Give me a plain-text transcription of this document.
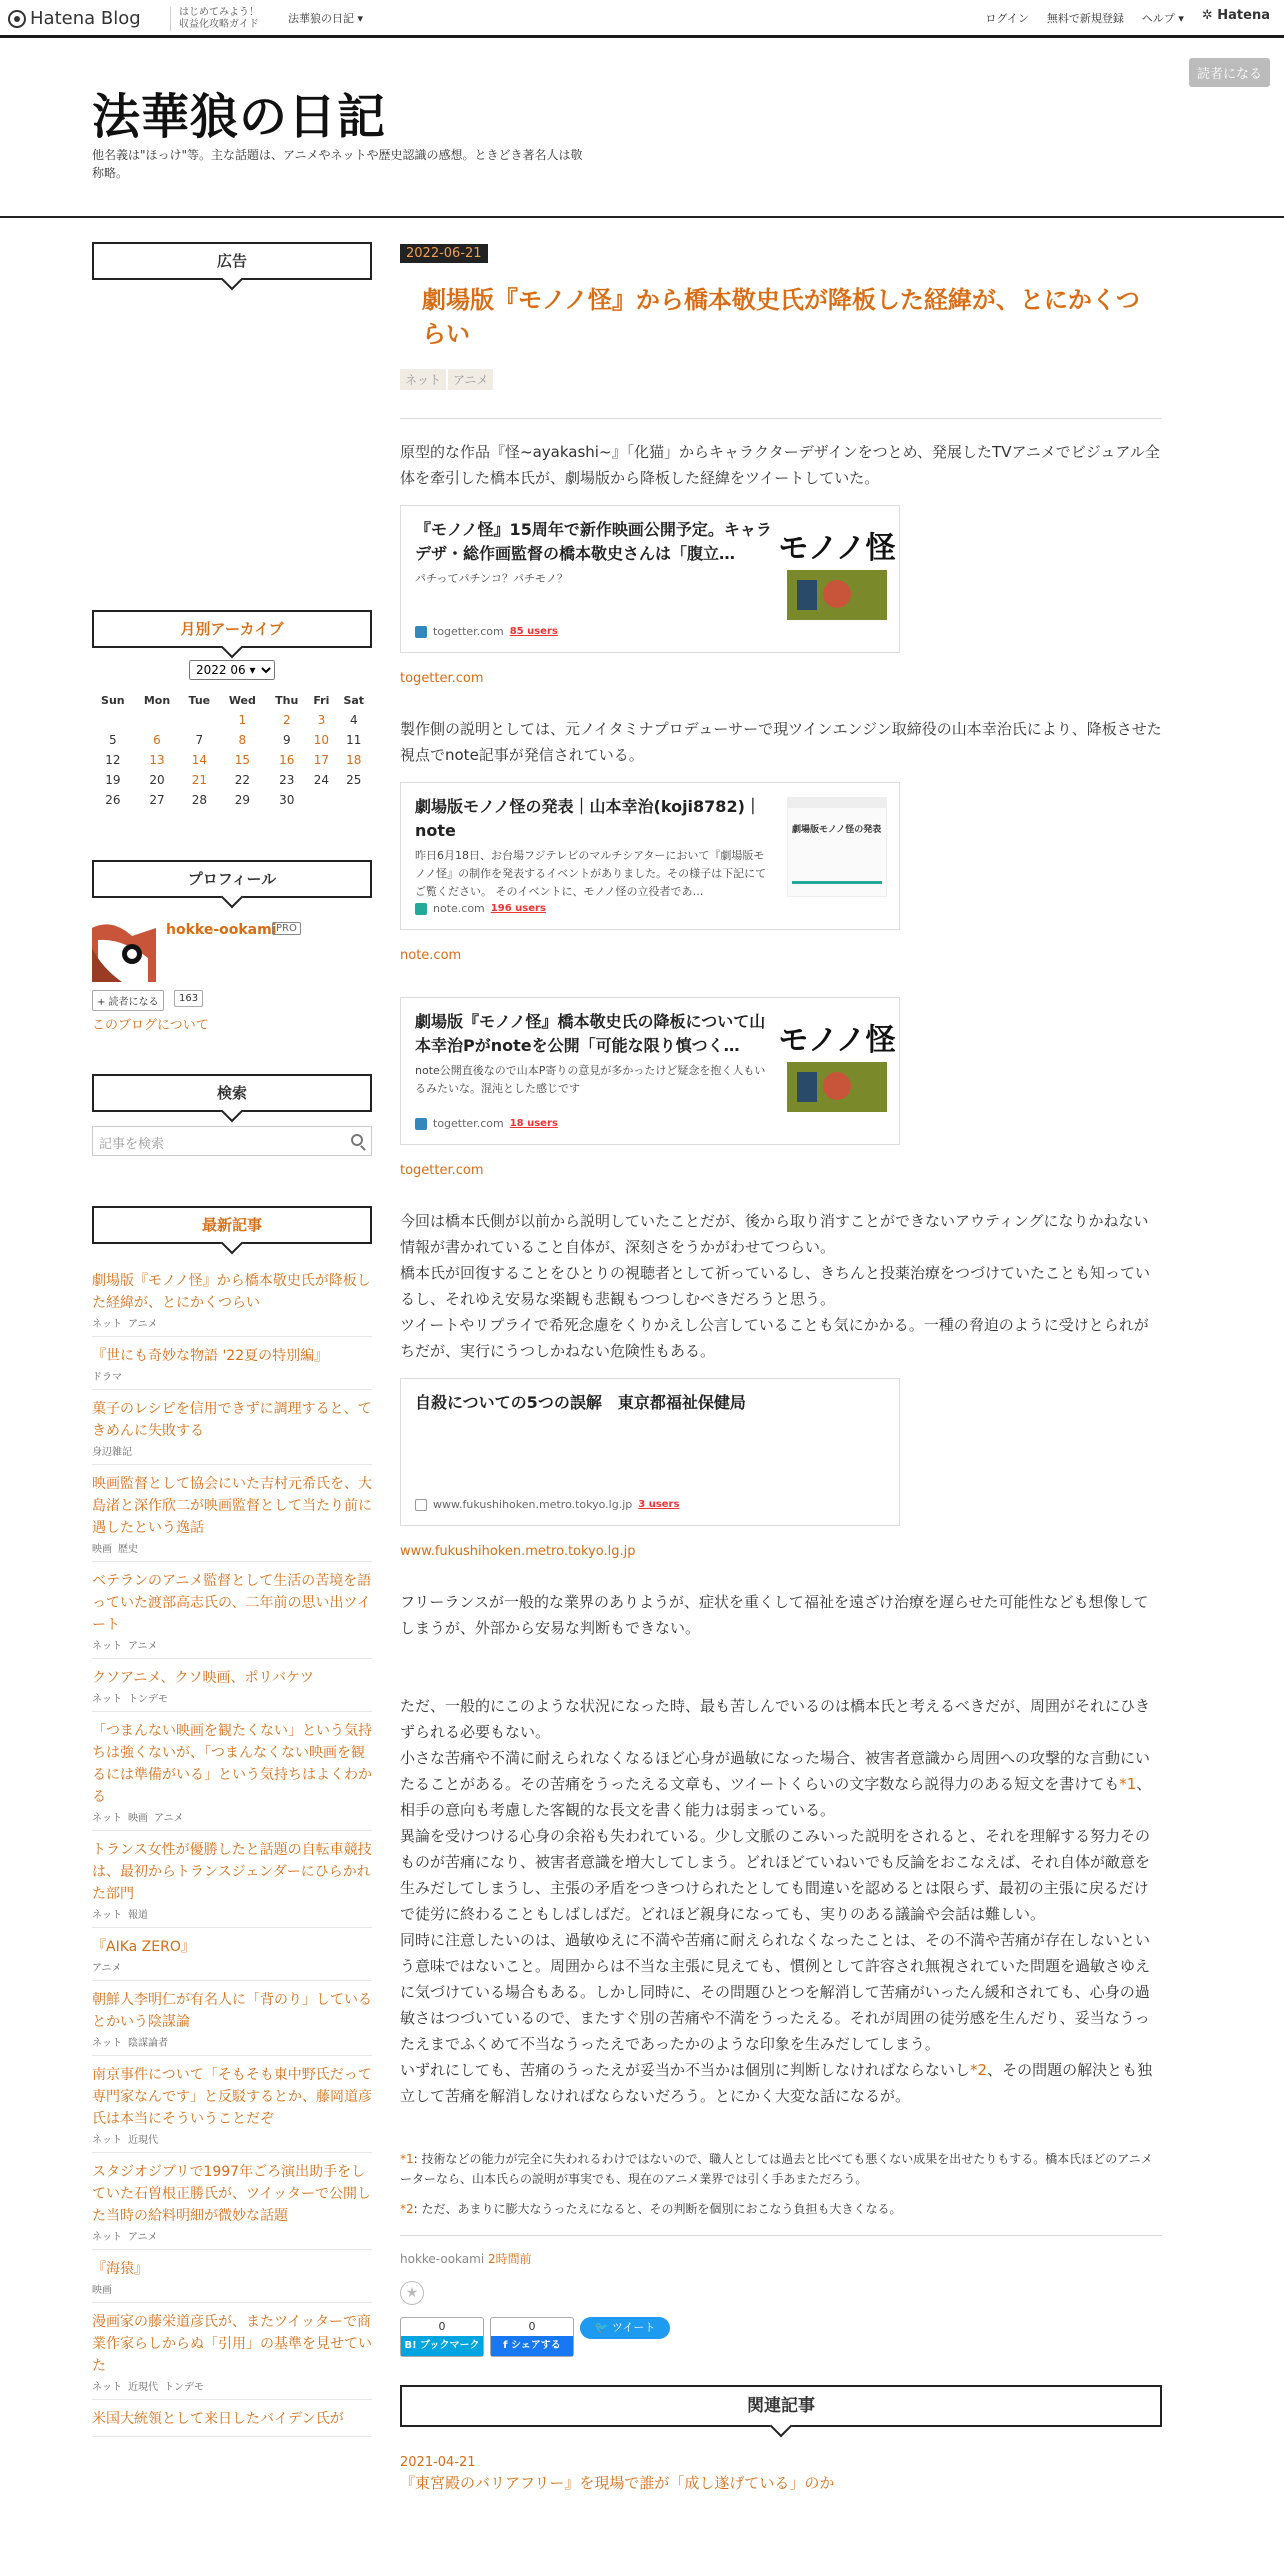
Hatena Blog	はじめてみよう！
収益化攻略ガイド	法華狼の日記 ▾	ログイン 無料で新規登録 ヘルプ ▾ ✲ Hatena
法華狼の日記
他名義は"ほっけ"等。主な話題は、アニメやネットや歴史認識の感想。ときどき著名人は敬称略。
読者になる
広告
月別アーカイブ
2022 06 ▾
Sun	Mon	Tue	Wed	Thu	Fri	Sat
			1	2	3	4
5	6	7	8	9	10	11
12	13	14	15	16	17	18
19	20	21	22	23	24	25
26	27	28	29	30		
プロフィール
hokke-ookami PRO
+ 読者になる	163
このブログについて
検索
記事を検索
最新記事
劇場版『モノノ怪』から橋本敬史氏が降板した経緯が、とにかくつらい
ネット アニメ
『世にも奇妙な物語 '22夏の特別編』
ドラマ
菓子のレシピを信用できずに調理すると、てきめんに失敗する
身辺雑記
映画監督として協会にいた吉村元希氏を、大島渚と深作欣二が映画監督として当たり前に遇したという逸話
映画 歴史
ベテランのアニメ監督として生活の苦境を語っていた渡部高志氏の、二年前の思い出ツイート
ネット アニメ
クソアニメ、クソ映画、ポリバケツ
ネット トンデモ
「つまんない映画を観たくない」という気持ちは強くないが、「つまんなくない映画を観るには準備がいる」という気持ちはよくわかる
ネット 映画 アニメ
トランス女性が優勝したと話題の自転車競技は、最初からトランスジェンダーにひらかれた部門
ネット 報道
『AIKa ZERO』
アニメ
朝鮮人李明仁が有名人に「背のり」しているとかいう陰謀論
ネット 陰謀論者
南京事件について「そもそも東中野氏だって専門家なんです」と反駁するとか、藤岡道彦氏は本当にそういうことだぞ
ネット 近現代
スタジオジブリで1997年ごろ演出助手をしていた石曽根正勝氏が、ツイッターで公開した当時の給料明細が微妙な話題
ネット アニメ
『海猿』
映画
漫画家の藤栄道彦氏が、またツイッターで商業作家らしからぬ「引用」の基準を見せていた
ネット 近現代 トンデモ
米国大統領として来日したバイデン氏が
2022-06-21
劇場版『モノノ怪』から橋本敬史氏が降板した経緯が、とにかくつらい
ネット アニメ

原型的な作品『怪~ayakashi~』「化猫」からキャラクターデザインをつとめ、発展したTVアニメでビジュアル全体を牽引した橋本氏が、劇場版から降板した経緯をツイートしていた。

『モノノ怪』15周年で新作映画公開予定。キャラデザ・総作画監督の橋本敬史さんは「腹立…
パチってパチンコ？パチモノ？
モノノ怪
togetter.com 85 users
togetter.com

製作側の説明としては、元ノイタミナプロデューサーで現ツインエンジン取締役の山本幸治氏により、降板させた視点でnote記事が発信されている。

劇場版モノノ怪の発表｜山本幸治(koji8782)｜note
昨日6月18日、お台場フジテレビのマルチシアターにおいて『劇場版モノノ怪』の制作を発表するイベントがありました。その様子は下記にてご覧ください。 そのイベントに、モノノ怪の立役者であ…
劇場版モノノ怪の発表
note.com 196 users
note.com
劇場版『モノノ怪』橋本敬史氏の降板について山本幸治Pがnoteを公開「可能な限り慎つく…
note公開直後なので山本P寄りの意見が多かったけど疑念を抱く人もいるみたいな。混沌とした感じです
モノノ怪
togetter.com 18 users
togetter.com

今回は橋本氏側が以前から説明していたことだが、後から取り消すことができないアウティングになりかねない情報が書かれていること自体が、深刻さをうかがわせてつらい。

橋本氏が回復することをひとりの視聴者として祈っているし、きちんと投薬治療をつづけていたことも知っているし、それゆえ安易な楽観も悲観もつつしむべきだろうと思う。

ツイートやリプライで希死念慮をくりかえし公言していることも気にかかる。一種の脅迫のように受けとられがちだが、実行にうつしかねない危険性もある。

自殺についての5つの誤解　東京都福祉保健局
www.fukushihoken.metro.tokyo.lg.jp 3 users
www.fukushihoken.metro.tokyo.lg.jp

フリーランスが一般的な業界のありようが、症状を重くして福祉を遠ざけ治療を遅らせた可能性なども想像してしまうが、外部から安易な判断もできない。

ただ、一般的にこのような状況になった時、最も苦しんでいるのは橋本氏と考えるべきだが、周囲がそれにひきずられる必要もない。

小さな苦痛や不満に耐えられなくなるほど心身が過敏になった場合、被害者意識から周囲への攻撃的な言動にいたることがある。その苦痛をうったえる文章も、ツイートくらいの文字数なら説得力のある短文を書けても*1、相手の意向も考慮した客観的な長文を書く能力は弱まっている。

異論を受けつける心身の余裕も失われている。少し文脈のこみいった説明をされると、それを理解する努力そのものが苦痛になり、被害者意識を増大してしまう。どれほどていねいでも反論をおこなえば、それ自体が敵意を生みだしてしまうし、主張の矛盾をつきつけられたとしても間違いを認めるとは限らず、最初の主張に戻るだけで徒労に終わることもしばしばだ。どれほど親身になっても、実りのある議論や会話は難しい。

同時に注意したいのは、過敏ゆえに不満や苦痛に耐えられなくなったことは、その不満や苦痛が存在しないという意味ではないこと。周囲からは不当な主張に見えても、慣例として許容され無視されていた問題を過敏さゆえに気づけている場合もある。しかし同時に、その問題ひとつを解消して苦痛がいったん緩和されても、心身の過敏さはつづいているので、またすぐ別の苦痛や不満をうったえる。それが周囲の徒労感を生んだり、妥当なうったえまでふくめて不当なうったえであったかのような印象を生みだしてしまう。

いずれにしても、苦痛のうったえが妥当か不当かは個別に判断しなければならないし*2、その問題の解決とも独立して苦痛を解消しなければならないだろう。とにかく大変な話になるが。

*1: 技術などの能力が完全に失われるわけではないので、職人としては過去と比べても悪くない成果を出せたりもする。橋本氏ほどのアニメーターなら、山本氏らの説明が事実でも、現在のアニメ業界では引く手あまただろう。

*2: ただ、あまりに膨大なうったえになると、その判断を個別におこなう負担も大きくなる。

hokke-ookami 2時間前
★
0
B! ブックマーク
0
f シェアする
🐦 ツイート
関連記事
2021-04-21
『東宮殿のバリアフリー』を現場で誰が「成し遂げている」のか
